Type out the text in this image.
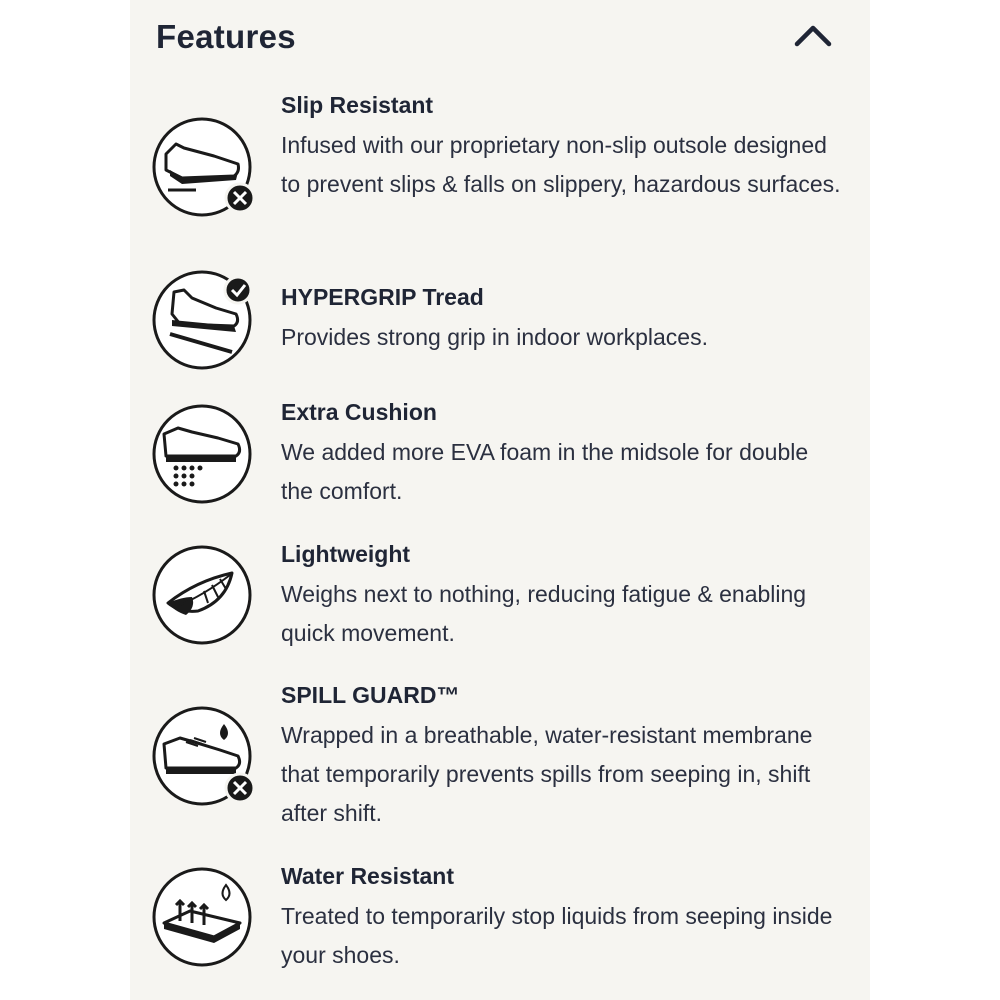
Features
Slip Resistant
Infused with our proprietary non-slip outsole designed to prevent slips & falls on slippery, hazardous surfaces.
HYPERGRIP Tread
Provides strong grip in indoor workplaces.
Extra Cushion
We added more EVA foam in the midsole for double the comfort.
Lightweight
Weighs next to nothing, reducing fatigue & enabling quick movement.
SPILL GUARD™
Wrapped in a breathable, water-resistant membrane that temporarily prevents spills from seeping in, shift after shift.
Water Resistant
Treated to temporarily stop liquids from seeping inside your shoes.
